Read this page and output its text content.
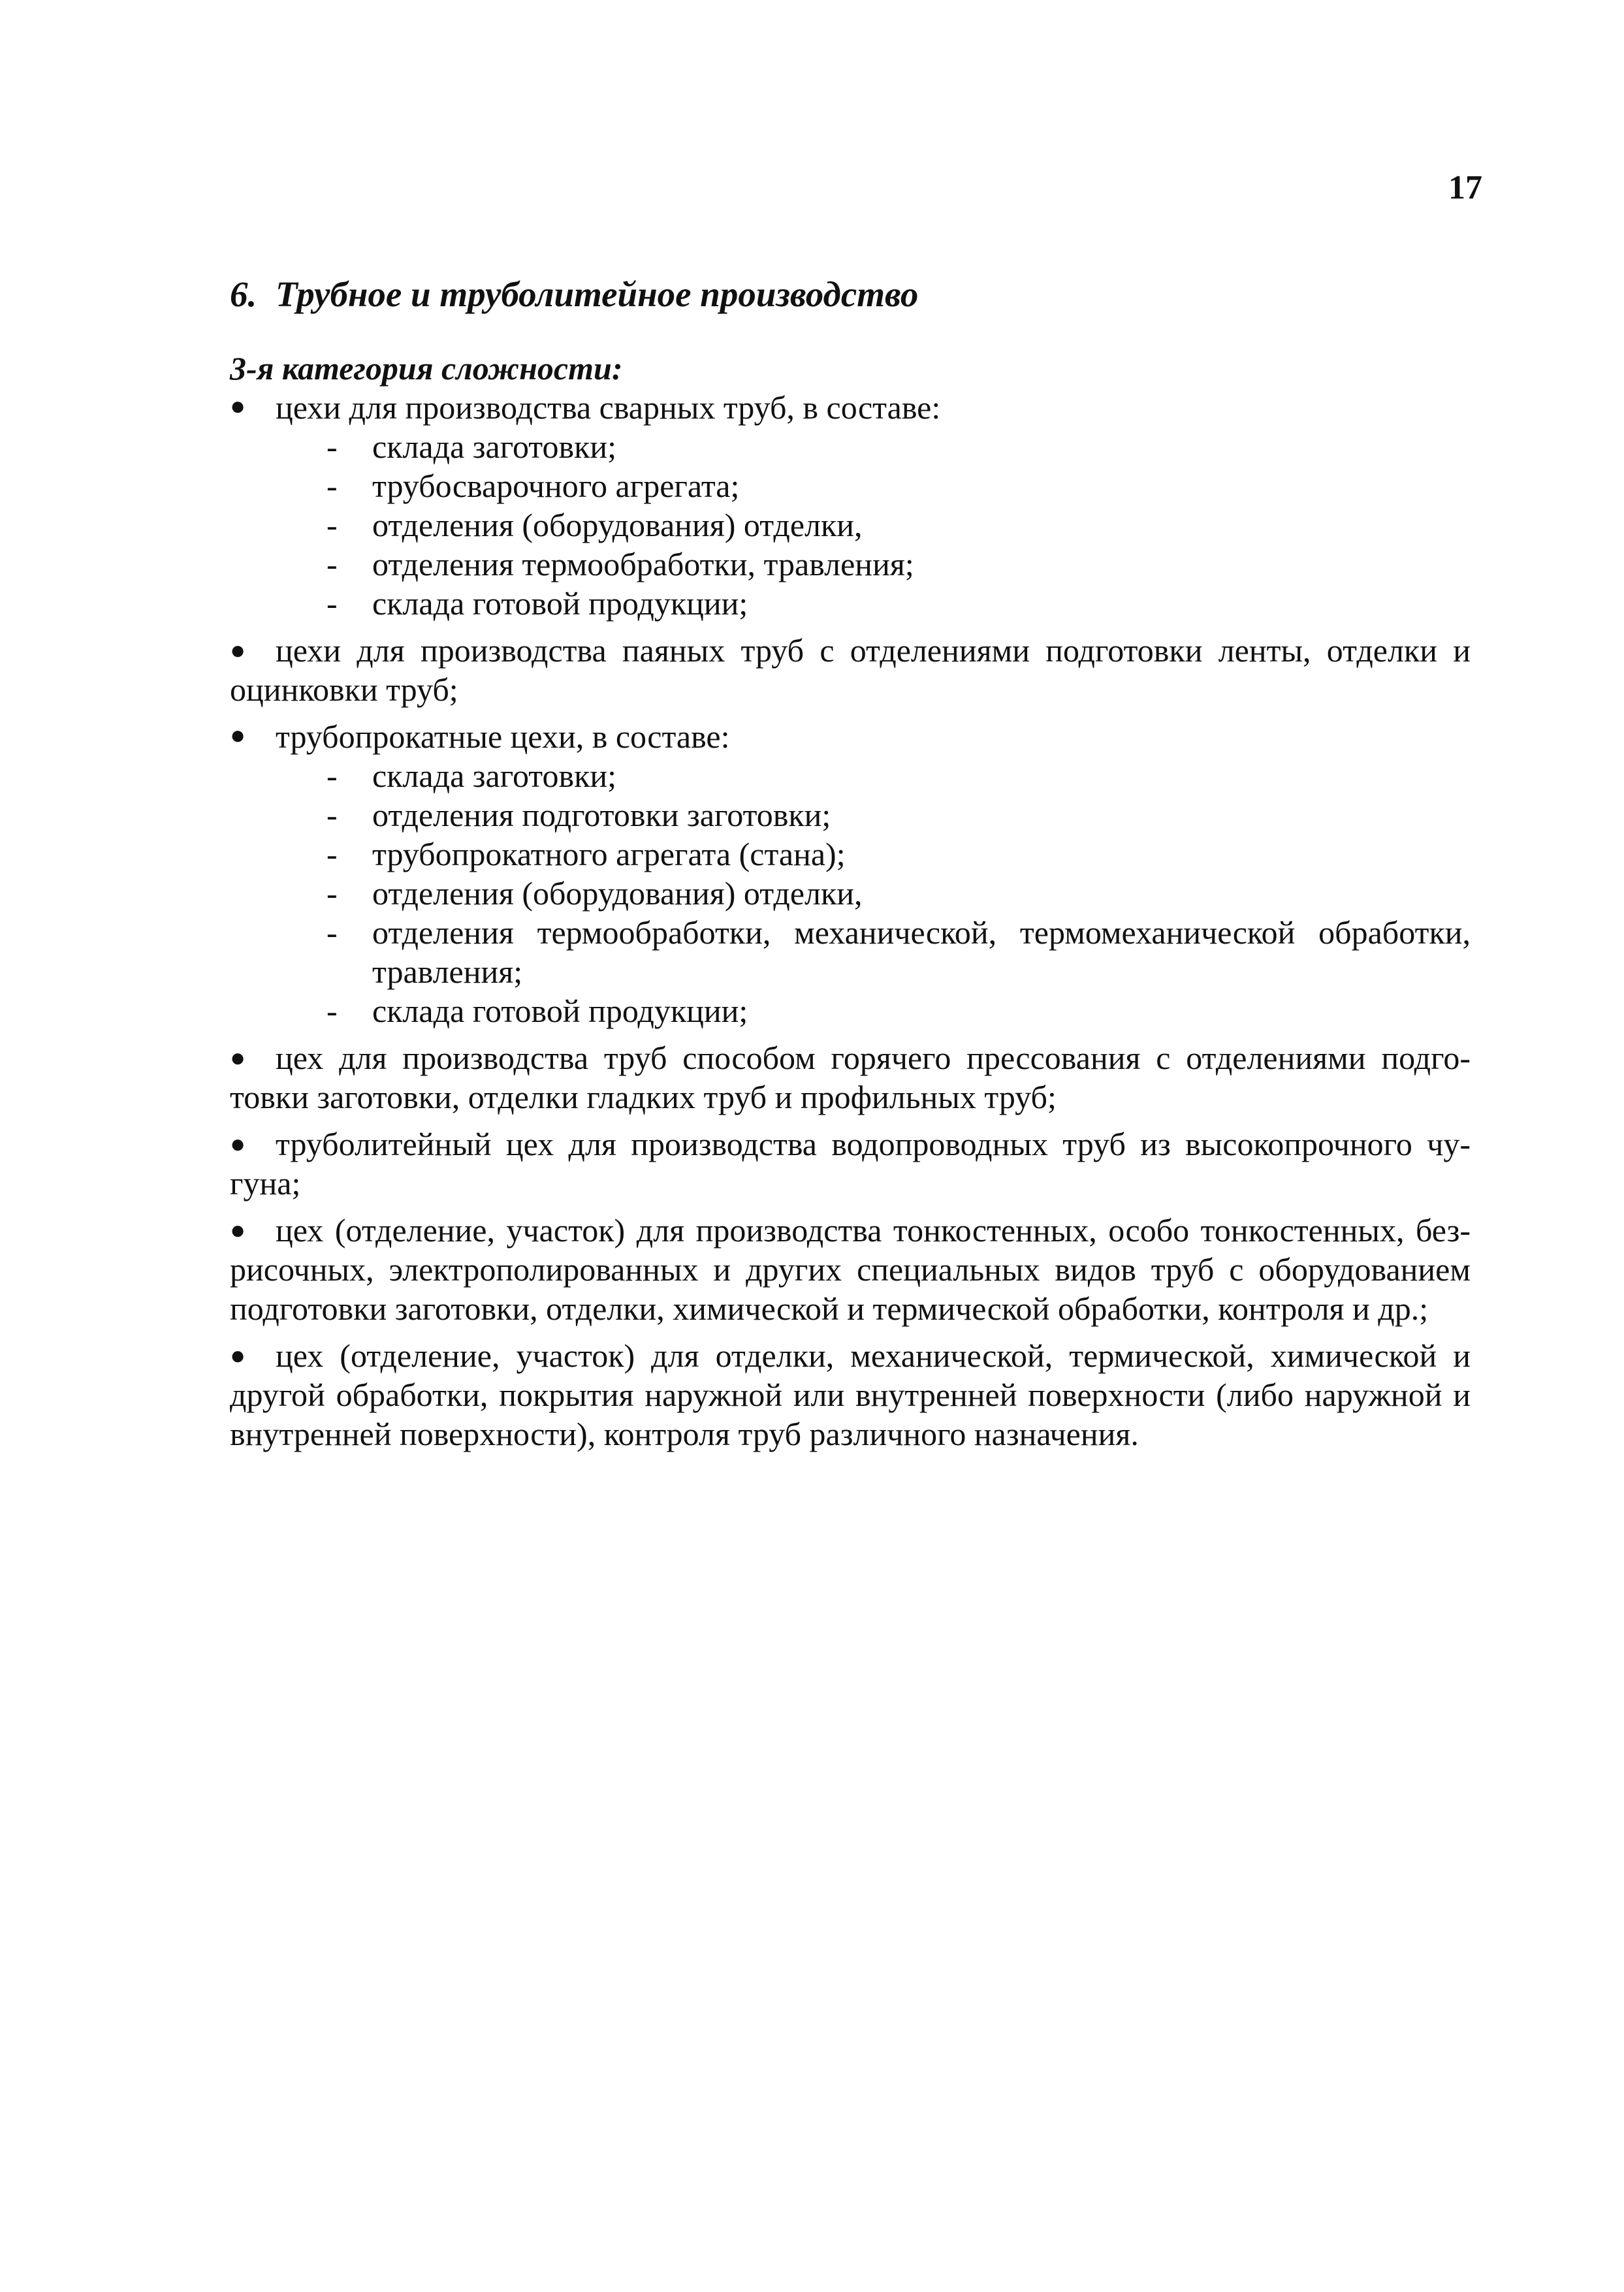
17
6. Трубное и труболитейное производство
3-я категория сложности:
● цехи для производства сварных труб, в составе:
- склада заготовки;
- трубосварочного агрегата;
- отделения (оборудования) отделки,
- отделения термообработки, травления;
- склада готовой продукции;
● цехи для производства паяных труб с отделениями подготовки ленты, отделки и оцинковки труб;
● трубопрокатные цехи, в составе:
- склада заготовки;
- отделения подготовки заготовки;
- трубопрокатного агрегата (стана);
- отделения (оборудования) отделки,
- отделения термообработки, механической, термомеханической обработки, травления;
- склада готовой продукции;
● цех для производства труб способом горячего прессования с отделениями подго-товки заготовки, отделки гладких труб и профильных труб;
● труболитейный цех для производства водопроводных труб из высокопрочного чу-гуна;
● цех (отделение, участок) для производства тонкостенных, особо тонкостенных, без-рисочных, электрополированных и других специальных видов труб с оборудованием подготовки заготовки, отделки, химической и термической обработки, контроля и др.;
● цех (отделение, участок) для отделки, механической, термической, химической и другой обработки, покрытия наружной или внутренней поверхности (либо наружной и внутренней поверхности), контроля труб различного назначения.
